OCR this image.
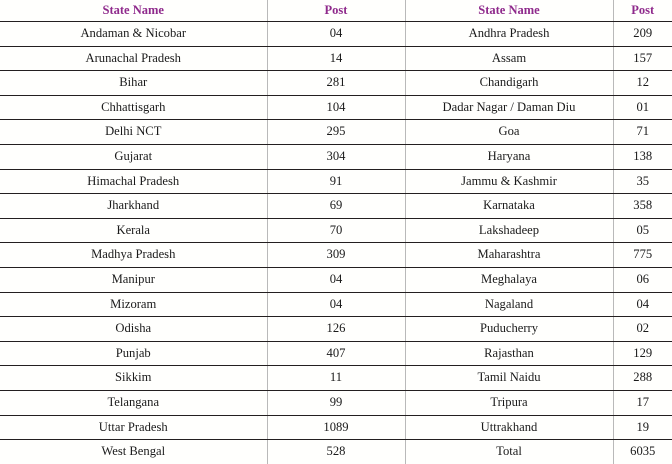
State Name	Post	State Name	Post
Andaman & Nicobar	04	Andhra Pradesh	209
Arunachal Pradesh	14	Assam	157
Bihar	281	Chandigarh	12
Chhattisgarh	104	Dadar Nagar / Daman Diu	01
Delhi NCT	295	Goa	71
Gujarat	304	Haryana	138
Himachal Pradesh	91	Jammu & Kashmir	35
Jharkhand	69	Karnataka	358
Kerala	70	Lakshadeep	05
Madhya Pradesh	309	Maharashtra	775
Manipur	04	Meghalaya	06
Mizoram	04	Nagaland	04
Odisha	126	Puducherry	02
Punjab	407	Rajasthan	129
Sikkim	11	Tamil Naidu	288
Telangana	99	Tripura	17
Uttar Pradesh	1089	Uttrakhand	19
West Bengal	528	Total	6035
